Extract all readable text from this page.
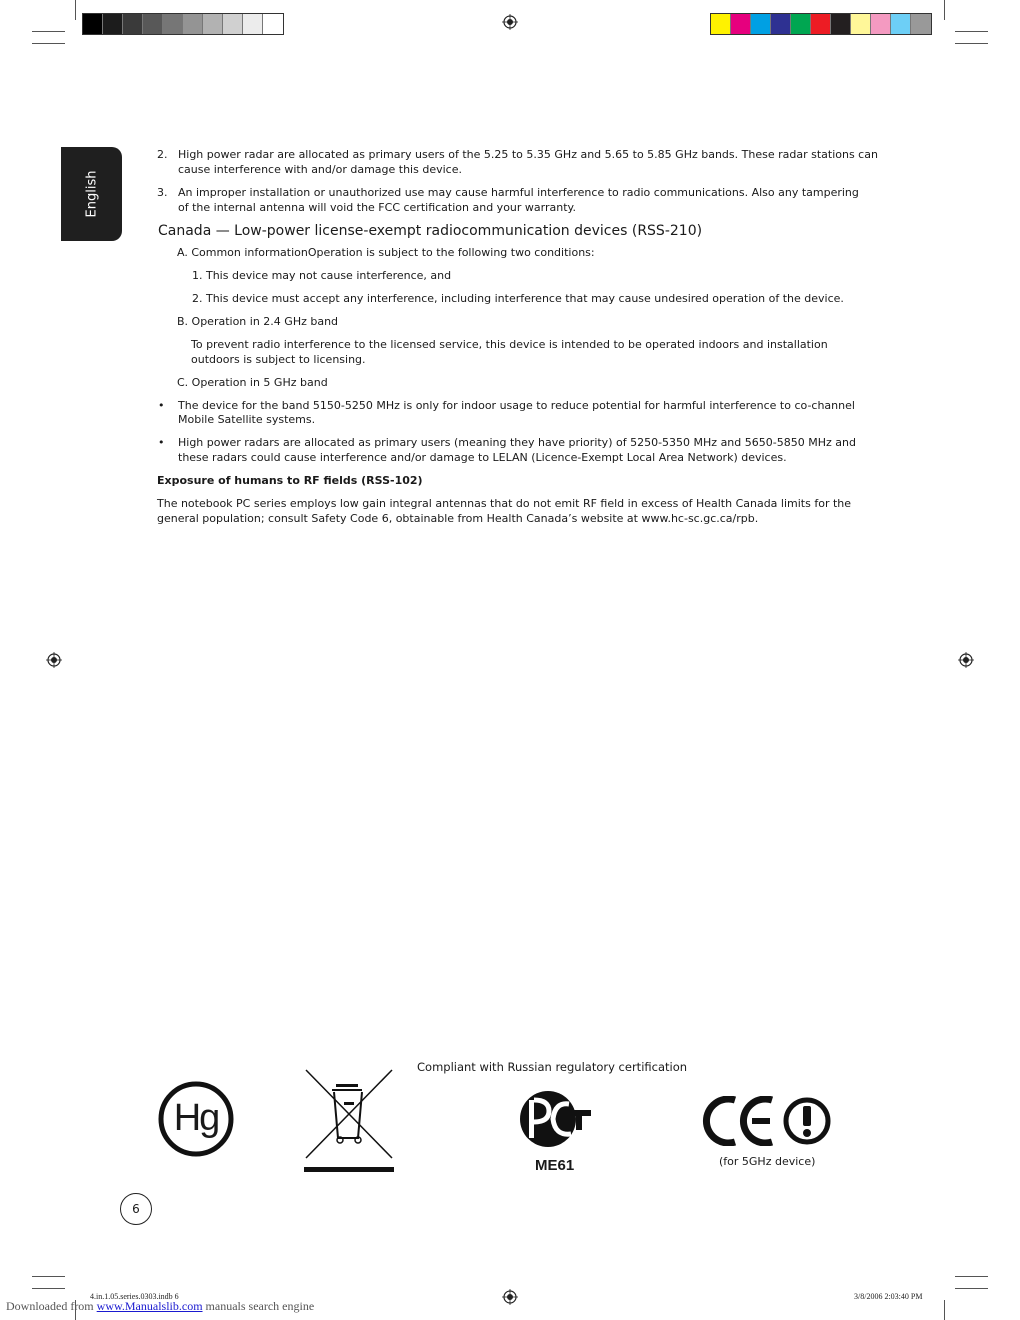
English
2. High power radar are allocated as primary users of the 5.25 to 5.35 GHz and 5.65 to 5.85 GHz bands. These radar stations can
cause interference with and/or damage this device.
3. An improper installation or unauthorized use may cause harmful interference to radio communications. Also any tampering
of the internal antenna will void the FCC certification and your warranty.
Canada — Low-power license-exempt radiocommunication devices (RSS-210)
A. Common informationOperation is subject to the following two conditions:
1. This device may not cause interference, and
2. This device must accept any interference, including interference that may cause undesired operation of the device.
B. Operation in 2.4 GHz band
To prevent radio interference to the licensed service, this device is intended to be operated indoors and installation
outdoors is subject to licensing.
C. Operation in 5 GHz band
• The device for the band 5150-5250 MHz is only for indoor usage to reduce potential for harmful interference to co-channel
Mobile Satellite systems.
• High power radars are allocated as primary users (meaning they have priority) of 5250-5350 MHz and 5650-5850 MHz and
these radars could cause interference and/or damage to LELAN (Licence-Exempt Local Area Network) devices.
Exposure of humans to RF fields (RSS-102)
The notebook PC series employs low gain integral antennas that do not emit RF field in excess of Health Canada limits for the
general population; consult Safety Code 6, obtainable from Health Canada’s website at www.hc-sc.gc.ca/rpb.
Hg
Compliant with Russian regulatory certification
ME61	(for 5GHz device)
6
4.in.1.05.series.0303.indb 6	3/8/2006 2:03:40 PM
Downloaded from www.Manualslib.com manuals search engine
